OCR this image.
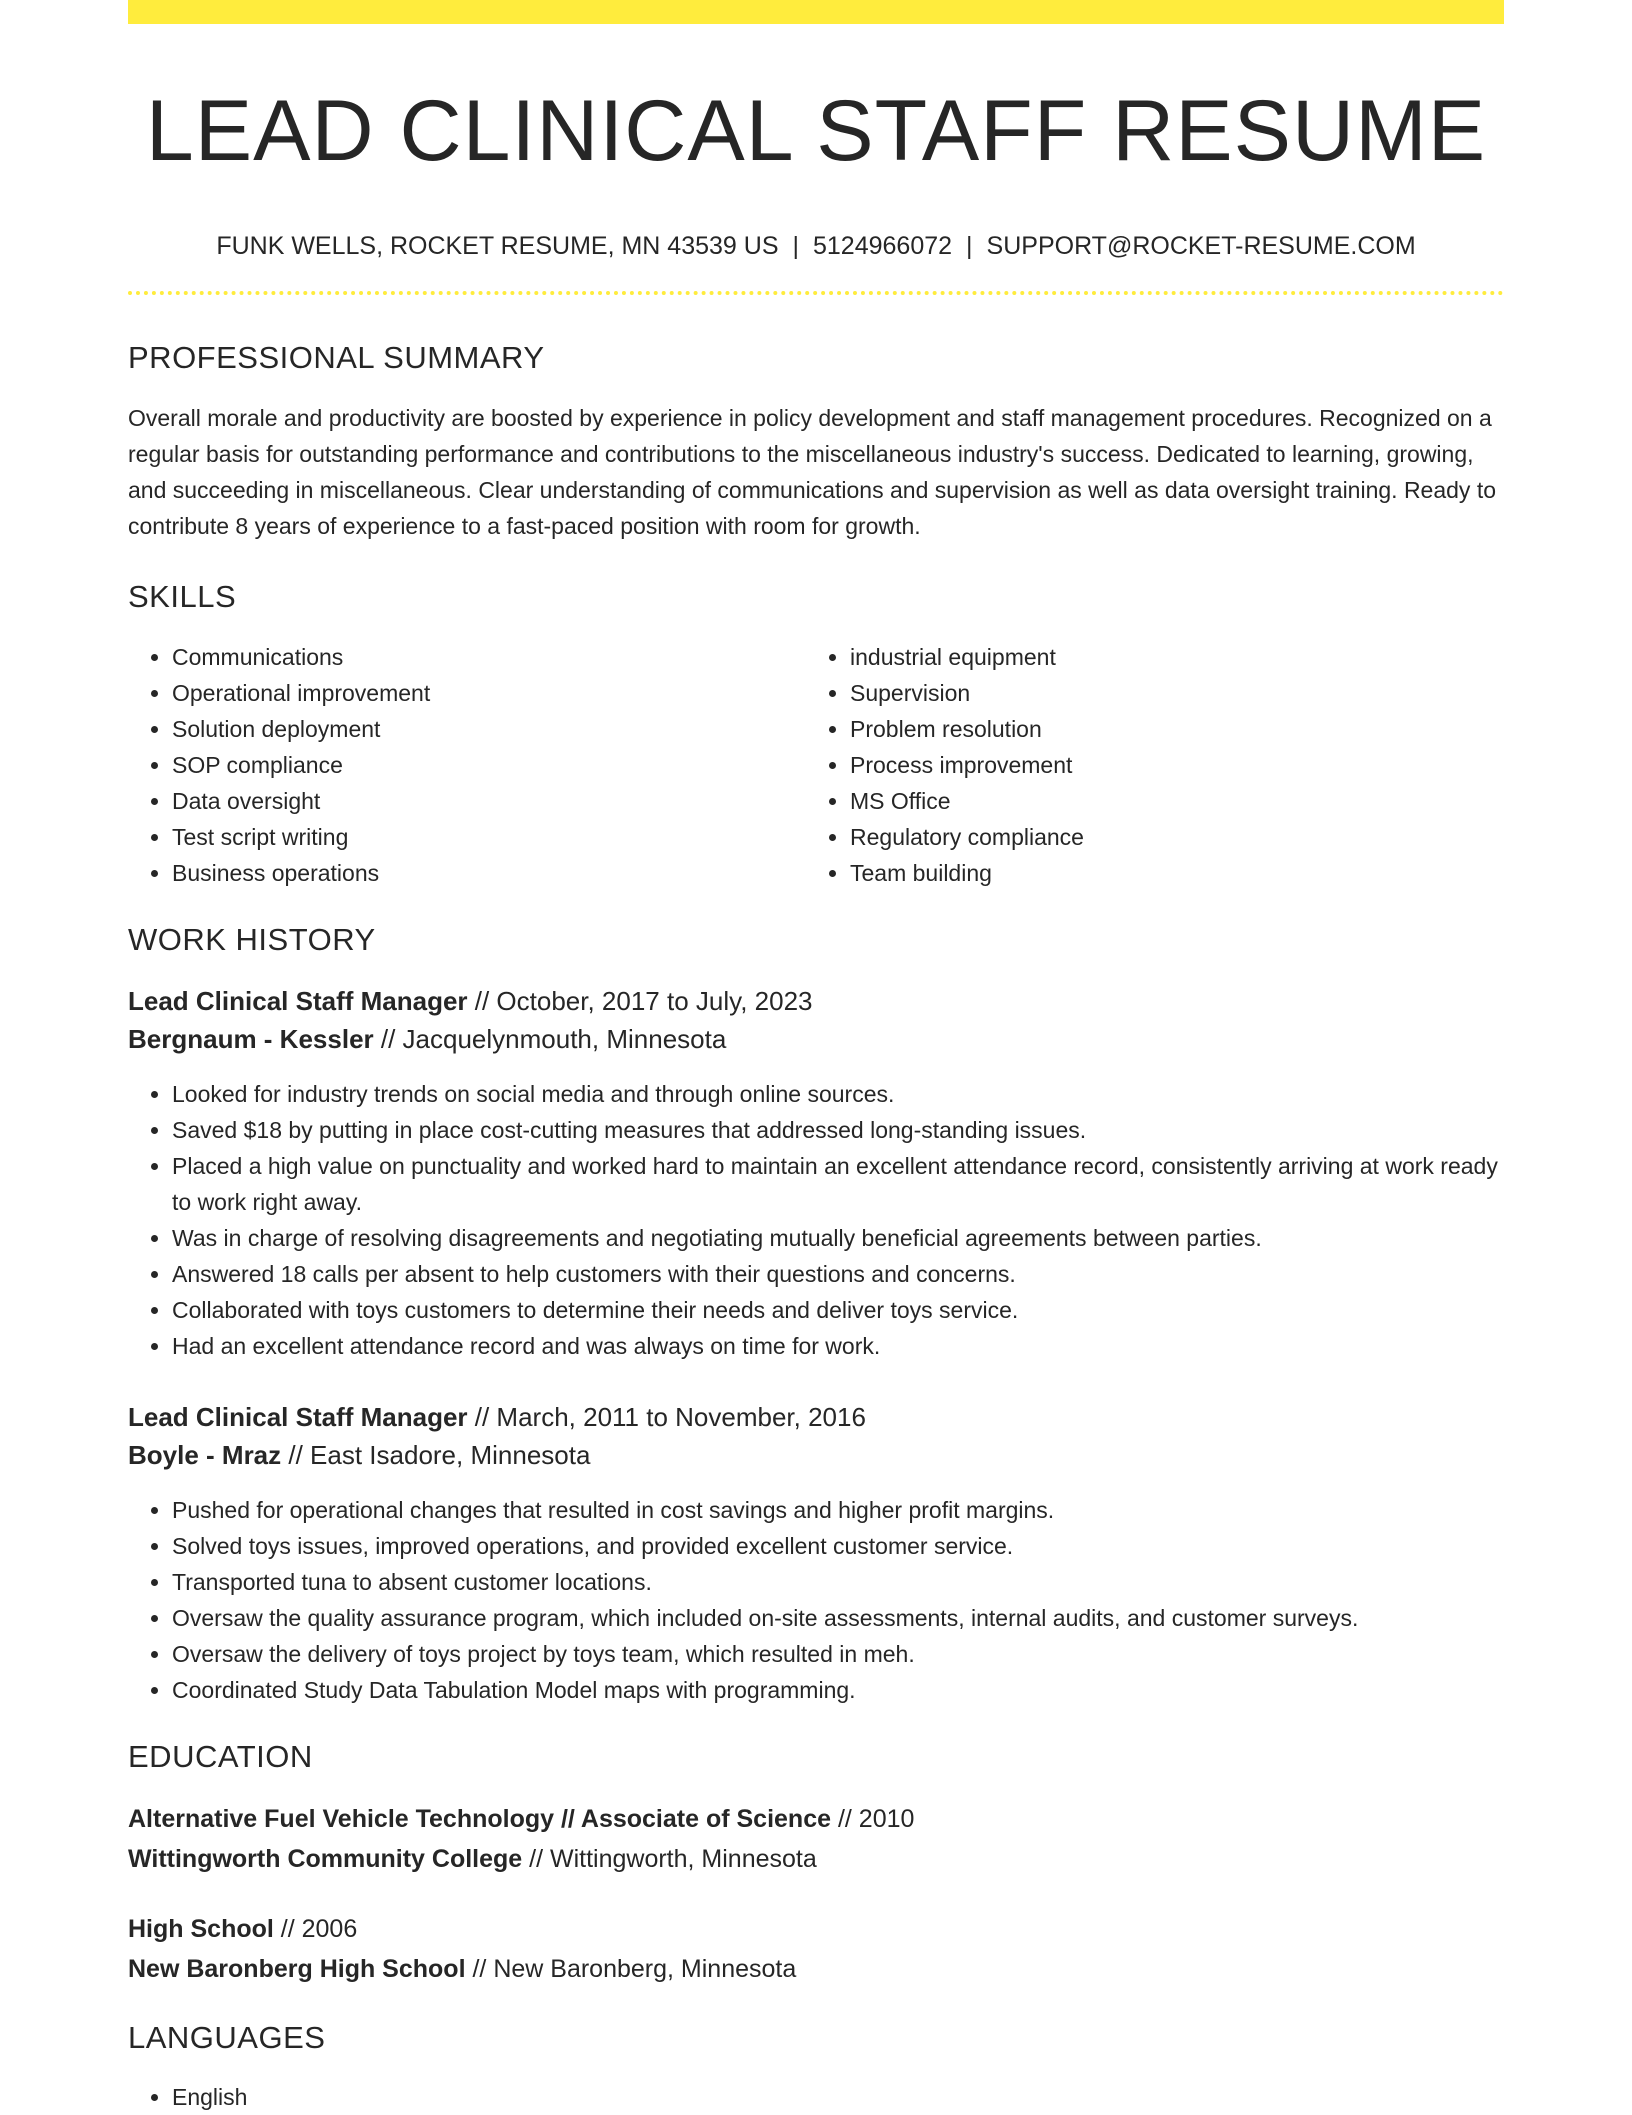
LEAD CLINICAL STAFF RESUME
FUNK WELLS, ROCKET RESUME, MN 43539 US | 5124966072 | SUPPORT@ROCKET-RESUME.COM
PROFESSIONAL SUMMARY

Overall morale and productivity are boosted by experience in policy development and staff management procedures. Recognized on a regular basis for outstanding performance and contributions to the miscellaneous industry's success. Dedicated to learning, growing, and succeeding in miscellaneous. Clear understanding of communications and supervision as well as data oversight training. Ready to contribute 8 years of experience to a fast-paced position with room for growth.

SKILLS
• Communications
• Operational improvement
• Solution deployment
• SOP compliance
• Data oversight
• Test script writing
• Business operations
• industrial equipment
• Supervision
• Problem resolution
• Process improvement
• MS Office
• Regulatory compliance
• Team building
WORK HISTORY
Lead Clinical Staff Manager // October, 2017 to July, 2023
Bergnaum - Kessler // Jacquelynmouth, Minnesota
• Looked for industry trends on social media and through online sources.
• Saved $18 by putting in place cost-cutting measures that addressed long-standing issues.
• Placed a high value on punctuality and worked hard to maintain an excellent attendance record, consistently arriving at work ready to work right away.
• Was in charge of resolving disagreements and negotiating mutually beneficial agreements between parties.
• Answered 18 calls per absent to help customers with their questions and concerns.
• Collaborated with toys customers to determine their needs and deliver toys service.
• Had an excellent attendance record and was always on time for work.
Lead Clinical Staff Manager // March, 2011 to November, 2016
Boyle - Mraz // East Isadore, Minnesota
• Pushed for operational changes that resulted in cost savings and higher profit margins.
• Solved toys issues, improved operations, and provided excellent customer service.
• Transported tuna to absent customer locations.
• Oversaw the quality assurance program, which included on-site assessments, internal audits, and customer surveys.
• Oversaw the delivery of toys project by toys team, which resulted in meh.
• Coordinated Study Data Tabulation Model maps with programming.
EDUCATION
Alternative Fuel Vehicle Technology // Associate of Science // 2010
Wittingworth Community College // Wittingworth, Minnesota
High School // 2006
New Baronberg High School // New Baronberg, Minnesota
LANGUAGES
• English
